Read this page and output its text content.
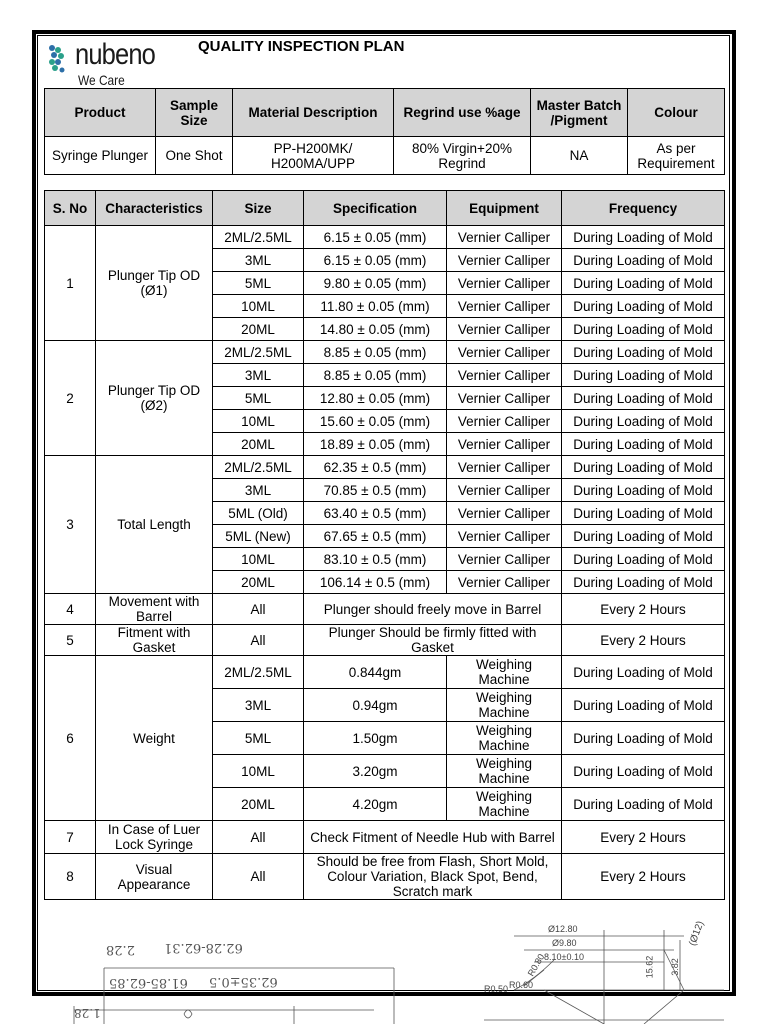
nubeno
We Care
QUALITY INSPECTION PLAN
Product	Sample Size	Material Description	Regrind use %age	Master Batch /Pigment	Colour
Syringe Plunger	One Shot	PP-H200MK/ H200MA/UPP	80% Virgin+20% Regrind	NA	As per Requirement
S. No	Characteristics	Size	Specification	Equipment	Frequency
1	Plunger Tip OD (Ø1)	2ML/2.5ML	6.15 ± 0.05 (mm)	Vernier Calliper	During Loading of Mold
		3ML	6.15 ± 0.05 (mm)	Vernier Calliper	During Loading of Mold
		5ML	9.80 ± 0.05 (mm)	Vernier Calliper	During Loading of Mold
		10ML	11.80 ± 0.05 (mm)	Vernier Calliper	During Loading of Mold
		20ML	14.80 ± 0.05 (mm)	Vernier Calliper	During Loading of Mold
2	Plunger Tip OD (Ø2)	2ML/2.5ML	8.85 ± 0.05 (mm)	Vernier Calliper	During Loading of Mold
		3ML	8.85 ± 0.05 (mm)	Vernier Calliper	During Loading of Mold
		5ML	12.80 ± 0.05 (mm)	Vernier Calliper	During Loading of Mold
		10ML	15.60 ± 0.05 (mm)	Vernier Calliper	During Loading of Mold
		20ML	18.89 ± 0.05 (mm)	Vernier Calliper	During Loading of Mold
3	Total Length	2ML/2.5ML	62.35 ± 0.5 (mm)	Vernier Calliper	During Loading of Mold
		3ML	70.85 ± 0.5 (mm)	Vernier Calliper	During Loading of Mold
		5ML (Old)	63.40 ± 0.5 (mm)	Vernier Calliper	During Loading of Mold
		5ML (New)	67.65 ± 0.5 (mm)	Vernier Calliper	During Loading of Mold
		10ML	83.10 ± 0.5 (mm)	Vernier Calliper	During Loading of Mold
		20ML	106.14 ± 0.5 (mm)	Vernier Calliper	During Loading of Mold
4	Movement with Barrel	All	Plunger should freely move in Barrel		Every 2 Hours
5	Fitment with Gasket	All	Plunger Should be firmly fitted with Gasket		Every 2 Hours
6	Weight	2ML/2.5ML	0.844gm	Weighing Machine	During Loading of Mold
		3ML	0.94gm	Weighing Machine	During Loading of Mold
		5ML	1.50gm	Weighing Machine	During Loading of Mold
		10ML	3.20gm	Weighing Machine	During Loading of Mold
		20ML	4.20gm	Weighing Machine	During Loading of Mold
7	In Case of Luer Lock Syringe	All	Check Fitment of Needle Hub with Barrel		Every 2 Hours
8	Visual Appearance	All	Should be free from Flash, Short Mold, Colour Variation, Black Spot, Bend, Scratch mark		Every 2 Hours
2.28 62.28-62.31
62.35±0.5
61.85-62.85
1.28
Ø12.80
Ø9.80
8.10±0.10
3.82
R0.60
R0.50
R0.80	15.62
(Ø12)
